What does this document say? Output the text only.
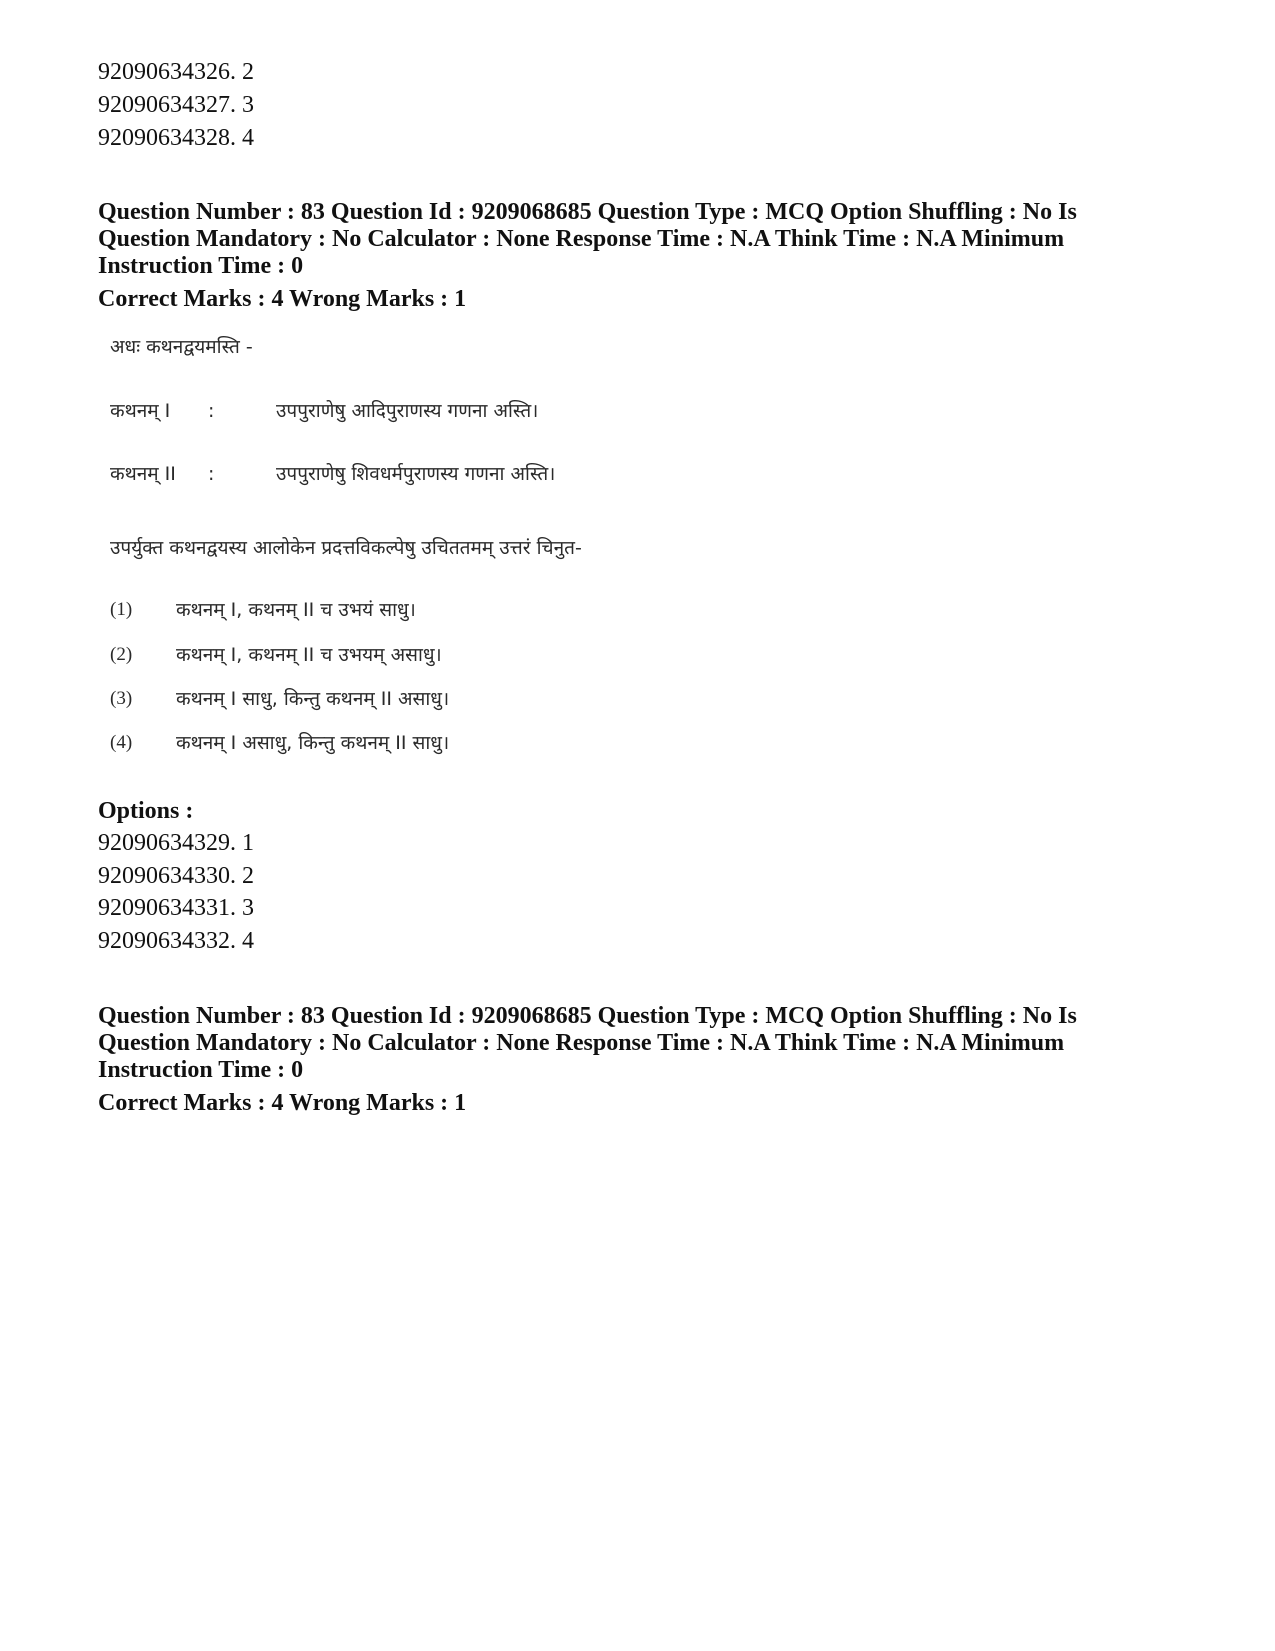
92090634326. 2
92090634327. 3
92090634328. 4
Question Number : 83 Question Id : 9209068685 Question Type : MCQ Option Shuffling : No Is
Question Mandatory : No Calculator : None Response Time : N.A Think Time : N.A Minimum
Instruction Time : 0
Correct Marks : 4 Wrong Marks : 1
अधः कथनद्वयमस्ति -
कथनम् I :	उपपुराणेषु आदिपुराणस्य गणना अस्ति।
कथनम् II :	उपपुराणेषु शिवधर्मपुराणस्य गणना अस्ति।
उपर्युक्त कथनद्वयस्य आलोकेन प्रदत्तविकल्पेषु उचिततमम् उत्तरं चिनुत-
(1) कथनम् I, कथनम् II च उभयं साधु।
(2) कथनम् I, कथनम् II च उभयम् असाधु।
(3) कथनम् I साधु, किन्तु कथनम् II असाधु।
(4) कथनम् I असाधु, किन्तु कथनम् II साधु।
Options :
92090634329. 1
92090634330. 2
92090634331. 3
92090634332. 4
Question Number : 83 Question Id : 9209068685 Question Type : MCQ Option Shuffling : No Is
Question Mandatory : No Calculator : None Response Time : N.A Think Time : N.A Minimum
Instruction Time : 0
Correct Marks : 4 Wrong Marks : 1
